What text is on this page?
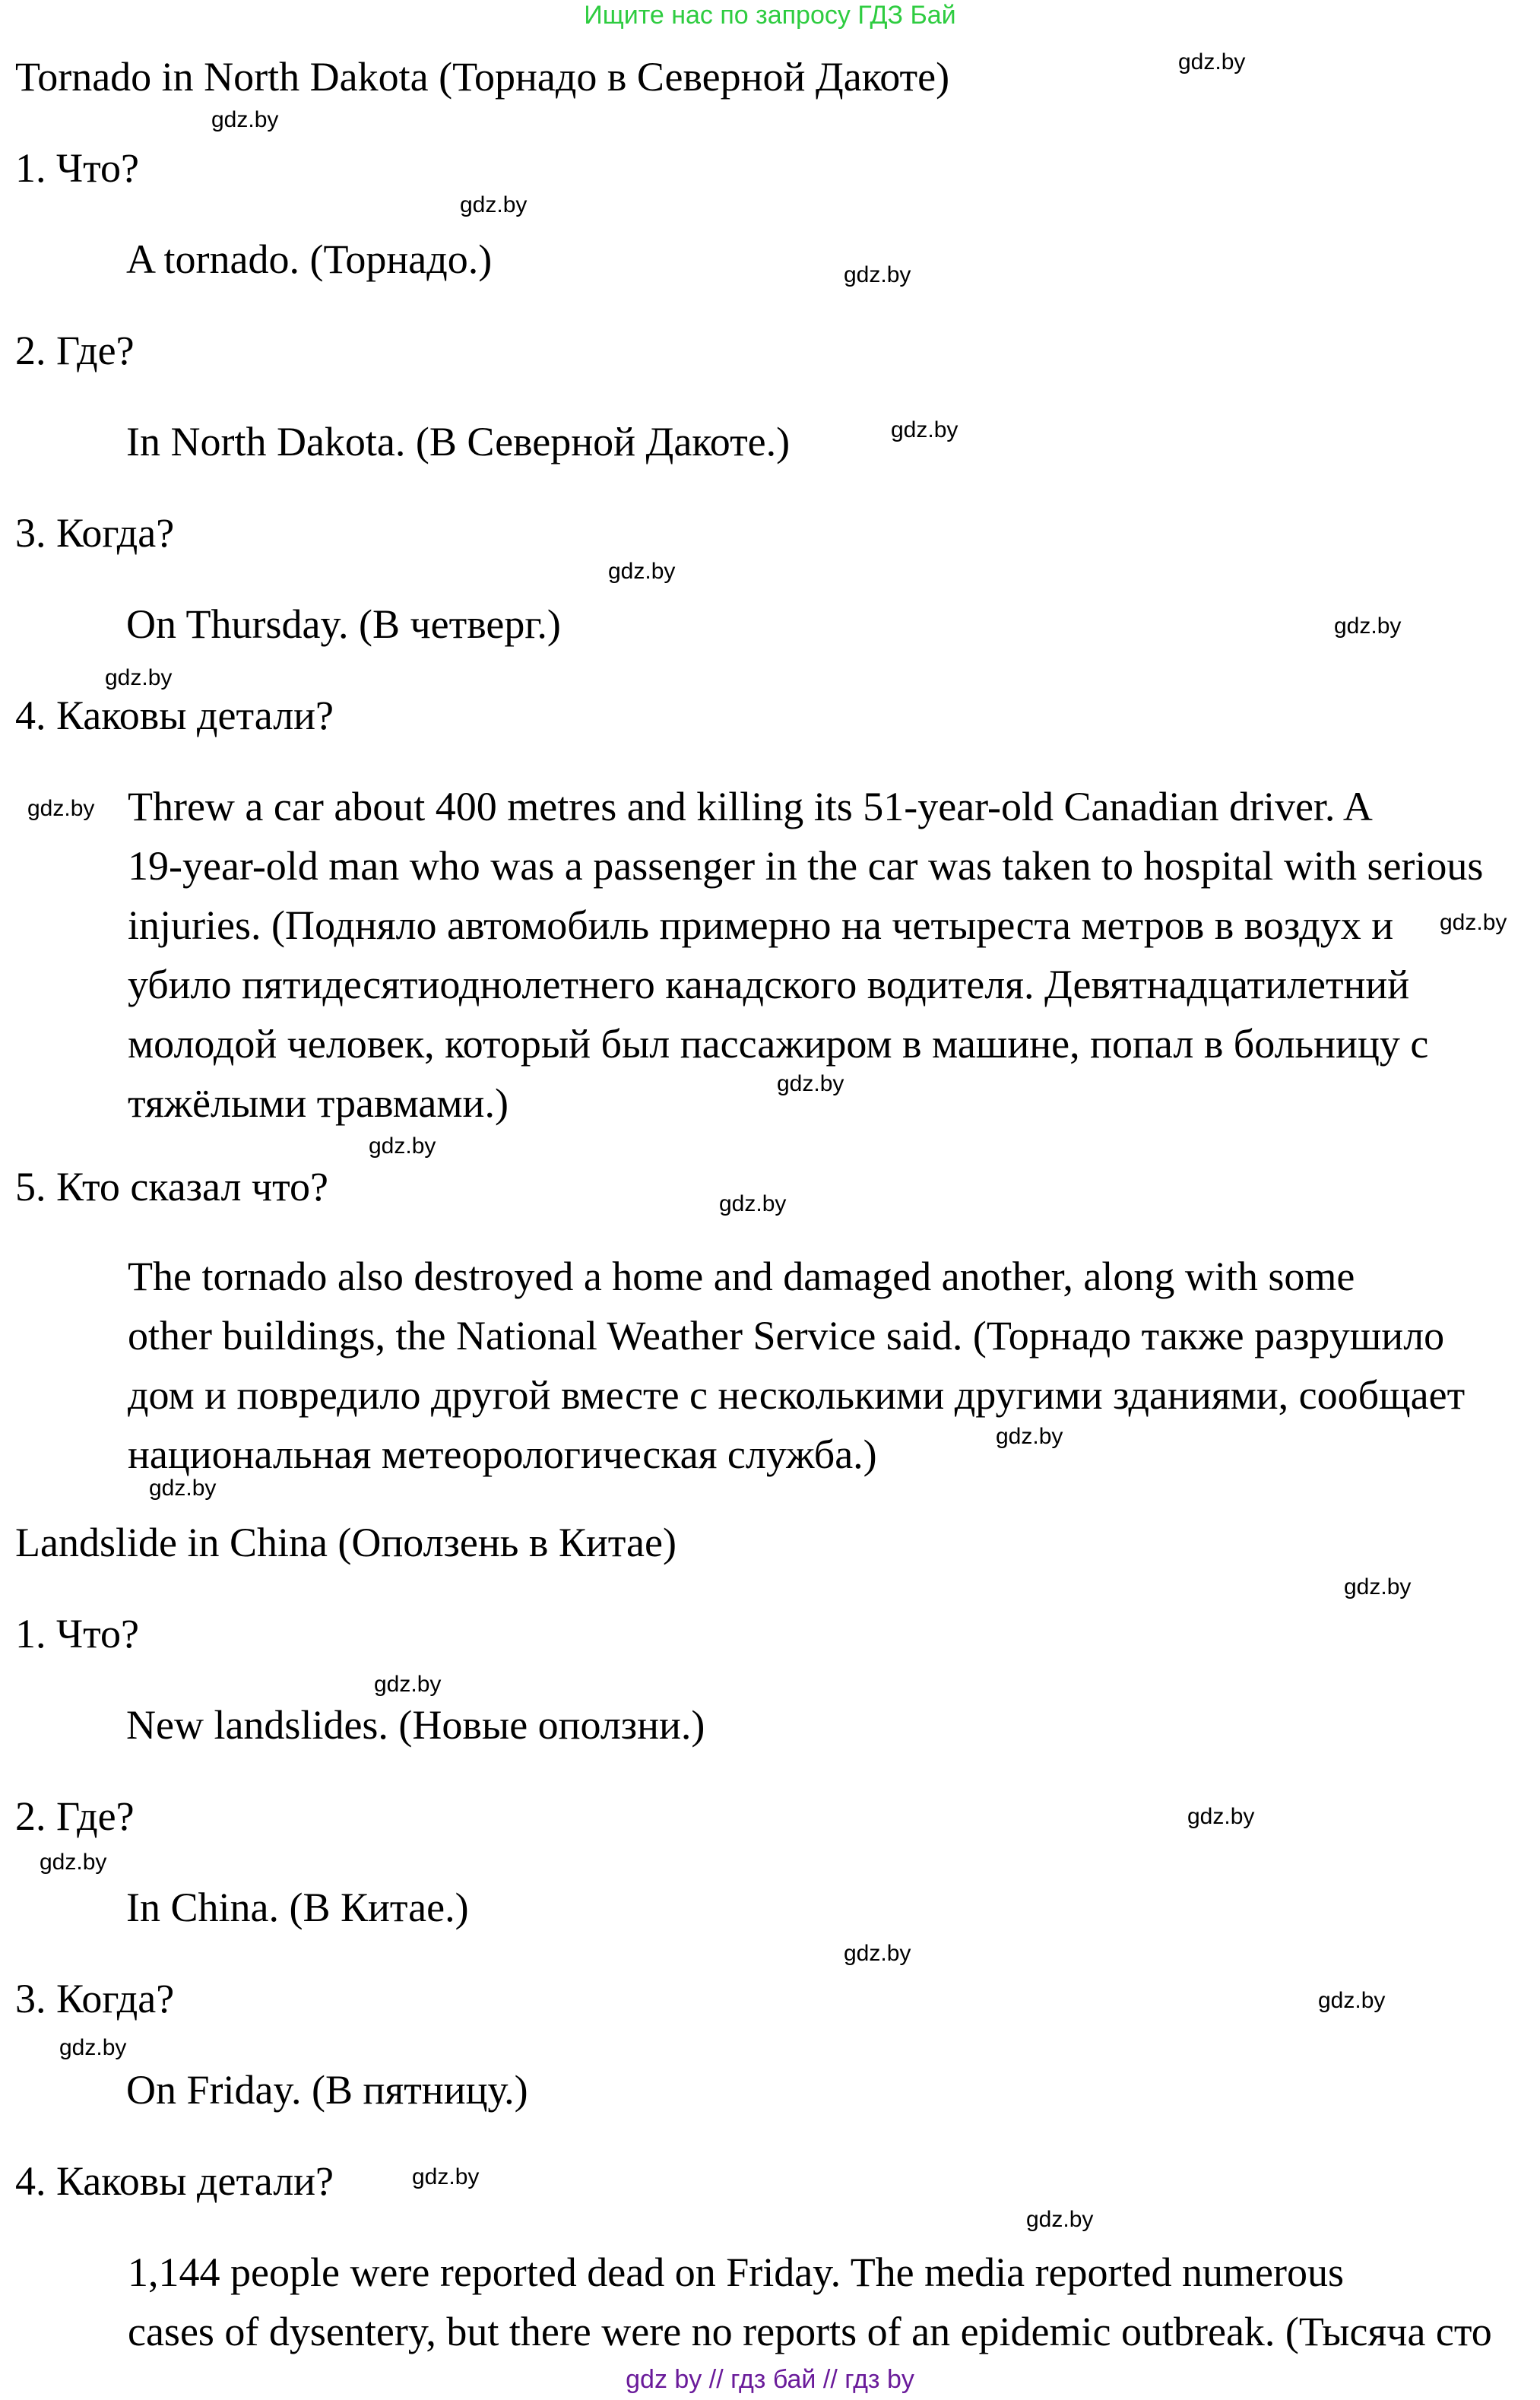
Ищите нас по запросу ГДЗ Бай
Tornado in North Dakota (Торнадо в Северной Дакоте)
1. Что?
A tornado. (Торнадо.)
2. Где?
In North Dakota. (В Северной Дакоте.)
3. Когда?
On Thursday. (В четверг.)
4. Каковы детали?
Threw a car about 400 metres and killing its 51-year-old Canadian driver. A
19-year-old man who was a passenger in the car was taken to hospital with serious
injuries. (Подняло автомобиль примерно на четыреста метров в воздух и
убило пятидесятиоднолетнего канадского водителя. Девятнадцатилетний
молодой человек, который был пассажиром в машине, попал в больницу с
тяжёлыми травмами.)
5. Кто сказал что?
The tornado also destroyed a home and damaged another, along with some
other buildings, the National Weather Service said. (Торнадо также разрушило
дом и повредило другой вместе с несколькими другими зданиями, сообщает
национальная метеорологическая служба.)
Landslide in China (Оползень в Китае)
1. Что?
New landslides. (Новые оползни.)
2. Где?
In China. (В Китае.)
3. Когда?
On Friday. (В пятницу.)
4. Каковы детали?
1,144 people were reported dead on Friday. The media reported numerous
cases of dysentery, but there were no reports of an epidemic outbreak. (Тысяча сто
gdz.by
gdz.by
gdz.by
gdz.by
gdz.by
gdz.by
gdz.by
gdz.by
gdz.by
gdz.by
gdz.by
gdz.by
gdz.by
gdz.by
gdz.by
gdz.by
gdz.by
gdz.by
gdz.by
gdz.by
gdz.by
gdz.by
gdz.by
gdz.by
gdz by // гдз бай // гдз by
